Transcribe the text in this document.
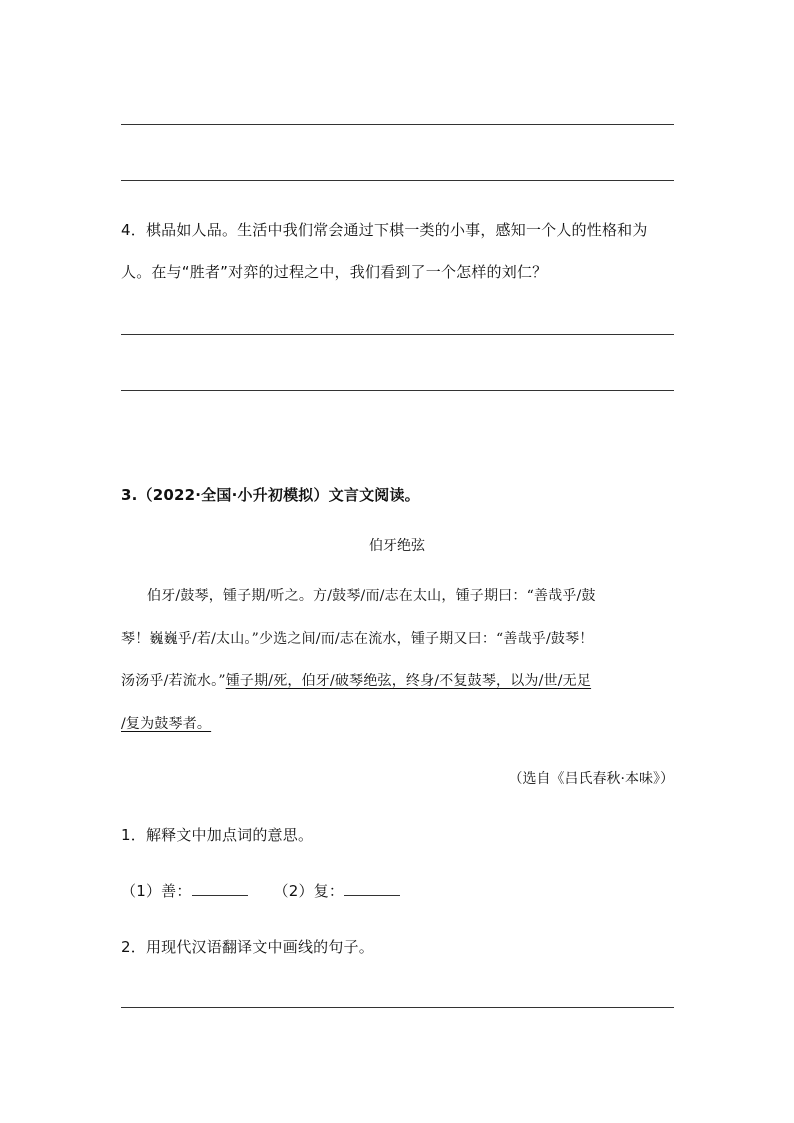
4．棋品如人品。生活中我们常会通过下棋一类的小事，感知一个人的性格和为
人。在与“胜者”对弈的过程之中，我们看到了一个怎样的刘仁？
3.（2022·全国·小升初模拟）文言文阅读。
伯牙绝弦
伯牙/鼓琴，锺子期/听之。方/鼓琴/而/志在太山，锺子期曰：“善哉乎/鼓
琴！巍巍乎/若/太山。”少选之间/而/志在流水，锺子期又曰：“善哉乎/鼓琴！
汤汤乎/若流水。”锺子期/死，伯牙/破琴绝弦，终身/不复鼓琴，以为/世/无足
/复为鼓琴者。
（选自《吕氏春秋·本味》）
1．解释文中加点词的意思。
（1）善：	（2）复：
2．用现代汉语翻译文中画线的句子。
